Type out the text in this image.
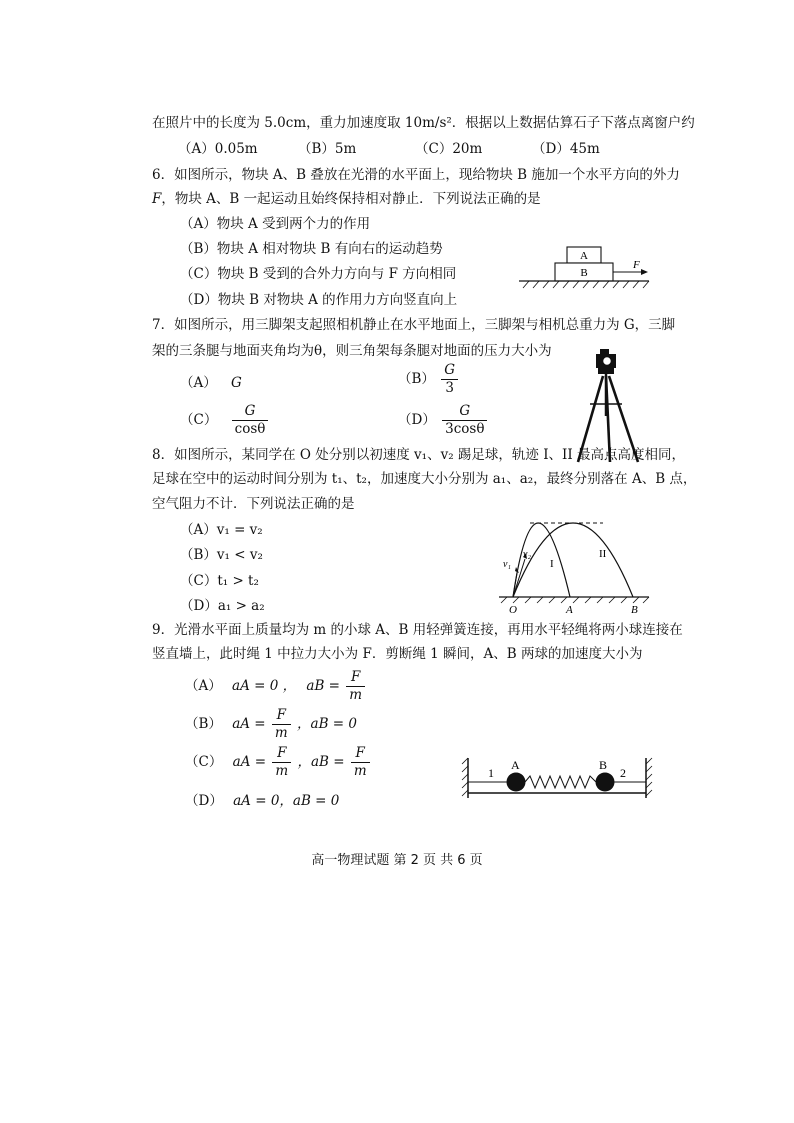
在照片中的长度为 5.0cm，重力加速度取 10m/s²．根据以上数据估算石子下落点离窗户约
（A）0.05m	（B）5m	（C）20m	（D）45m
6．如图所示，物块 A、B 叠放在光滑的水平面上，现给物块 B 施加一个水平方向的外力
F，物块 A、B 一起运动且始终保持相对静止．下列说法正确的是
（A）物块 A 受到两个力的作用
（B）物块 A 相对物块 B 有向右的运动趋势
（C）物块 B 受到的合外力方向与 F 方向相同
（D）物块 B 对物块 A 的作用力方向竖直向上
A
B
F
7．如图所示，用三脚架支起照相机静止在水平地面上，三脚架与相机总重力为 G，三脚
架的三条腿与地面夹角均为θ，则三角架每条腿对地面的压力大小为
（A） G	$(B) \frac{G}{3}$
$(C) \frac{G}{\cos\theta}$	$(D) \frac{G}{3\cos\theta}$
8．如图所示，某同学在 O 处分别以初速度 v₁、v₂ 踢足球，轨迹 I、II 最高点高度相同，
足球在空中的运动时间分别为 t₁、t₂，加速度大小分别为 a₁、a₂，最终分别落在 A、B 点，
空气阻力不计．下列说法正确的是
（A）v₁ = v₂
（B）v₁ < v₂
（C）t₁ > t₂
（D）a₁ > a₂
v₁
v₂
I
II
O	A	B
9．光滑水平面上质量均为 m 的小球 A、B 用轻弹簧连接，再用水平轻绳将两小球连接在
竖直墙上，此时绳 1 中拉力大小为 F．剪断绳 1 瞬间，A、B 两球的加速度大小为
（A） aA = 0 ， aB = $\frac{F}{m}$
（B） aA = $\frac{F}{m}$ ，aB = 0
（C） aA = $\frac{F}{m}$ ，aB = $\frac{F}{m}$
（D） aA = 0，aB = 0
1	2
A	B
高一物理试题 第 2 页 共 6 页
